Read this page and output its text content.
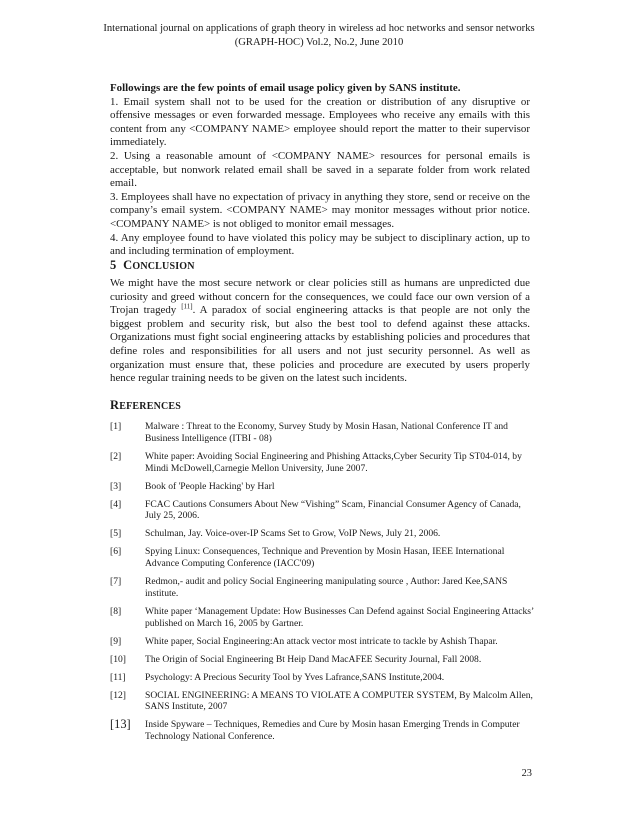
International journal on applications of graph theory in wireless ad hoc networks and sensor networks
(GRAPH-HOC) Vol.2, No.2, June 2010
Followings are the few points of email usage policy given by SANS institute.
1. Email system shall not to be used for the creation or distribution of any disruptive or offensive messages or even forwarded message. Employees who receive any emails with this content from any <COMPANY NAME> employee should report the matter to their supervisor immediately.
2. Using a reasonable amount of <COMPANY NAME> resources for personal emails is acceptable, but nonwork related email shall be saved in a separate folder from work related email.
3. Employees shall have no expectation of privacy in anything they store, send or receive on the company’s email system. <COMPANY NAME> may monitor messages without prior notice. <COMPANY NAME> is not obliged to monitor email messages.
4. Any employee found to have violated this policy may be subject to disciplinary action, up to and including termination of employment.
5 CONCLUSION
We might have the most secure network or clear policies still as humans are unpredicted due curiosity and greed without concern for the consequences, we could face our own version of a Trojan tragedy [11]. A paradox of social engineering attacks is that people are not only the biggest problem and security risk, but also the best tool to defend against these attacks. Organizations must fight social engineering attacks by establishing policies and procedures that define roles and responsibilities for all users and not just security personnel. As well as organization must ensure that, these policies and procedure are executed by users properly hence regular training needs to be given on the latest such incidents.
REFERENCES
[1]	Malware : Threat to the Economy, Survey Study by Mosin Hasan, National Conference IT and Business Intelligence (ITBI - 08)
[2]	White paper: Avoiding Social Engineering and Phishing Attacks,Cyber Security Tip ST04-014, by Mindi McDowell,Carnegie Mellon University, June 2007.
[3]	Book of 'People Hacking' by Harl
[4]	FCAC Cautions Consumers About New “Vishing” Scam, Financial Consumer Agency of Canada, July 25, 2006.
[5]	Schulman, Jay. Voice-over-IP Scams Set to Grow, VoIP News, July 21, 2006.
[6]	Spying Linux: Consequences, Technique and Prevention by Mosin Hasan, IEEE International Advance Computing Conference (IACC'09)
[7]	Redmon,- audit and policy Social Engineering manipulating source , Author: Jared Kee,SANS institute.
[8]	White paper ‘Management Update: How Businesses Can Defend against Social Engineering Attacks’ published on March 16, 2005 by Gartner.
[9]	White paper, Social Engineering:An attack vector most intricate to tackle by Ashish Thapar.
[10]	The Origin of Social Engineering Bt Heip Dand MacAFEE Security Journal, Fall 2008.
[11]	Psychology: A Precious Security Tool by Yves Lafrance,SANS Institute,2004.
[12]	SOCIAL ENGINEERING: A MEANS TO VIOLATE A COMPUTER SYSTEM, By Malcolm Allen, SANS Institute, 2007
[13]	Inside Spyware – Techniques, Remedies and Cure by Mosin hasan Emerging Trends in Computer Technology National Conference.
23
